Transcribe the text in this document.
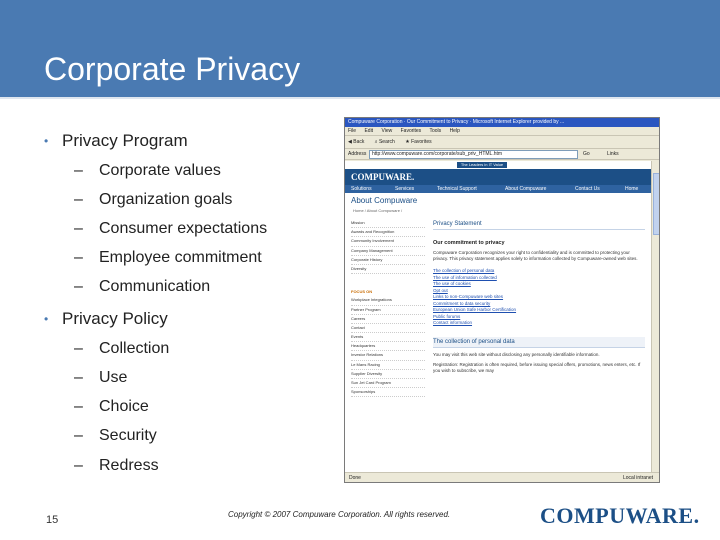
Corporate Privacy
• Privacy Program
– Corporate values
– Organization goals
– Consumer expectations
– Employee commitment
– Communication
• Privacy Policy
– Collection
– Use
– Choice
– Security
– Redress
Compuware Corporation · Our Commitment to Privacy · Microsoft Internet Explorer provided by ...
File Edit View Favorites Tools Help
◀ Back ⌕ Search ★ Favorites
Address	http://www.compuware.com/corporate/sub_priv_HTML.htm	Go	Links
The Leaders in IT Value
COMPUWARE.
Solutions	Services	Technical Support	About Compuware	Contact Us	Home
About Compuware
Home / About Compuware /
Mission
Awards and Recognition
Community Involvement
Company Management
Corporate History
Diversity
FOCUS ON
Workplace Integrations
Partner Program
Careers
Contact
Events
Headquarters
Investor Relations
Le Mans Racing
Supplier Diversity
Sun Jet Card Program
Sponsorships
Privacy Statement
Our commitment to privacy
Compuware Corporation recognizes your right to confidentiality and is committed to protecting your privacy. This privacy statement applies solely to information collected by Compuware-owned web sites.
The collection of personal data
The use of information collected
The use of cookies
Opt out
Links to non-Compuware web sites
Commitment to data security
European Union Safe Harbor Certification
Public forums
Contact information
The collection of personal data
You may visit this web site without disclosing any personally identifiable information.
Registration: Registration is often required, before issuing special offers, promotions, news enters, etc. If you wish to subscribe, we may
Done	Local intranet
15	Copyright © 2007 Compuware Corporation. All rights reserved.	COMPUWARE.
